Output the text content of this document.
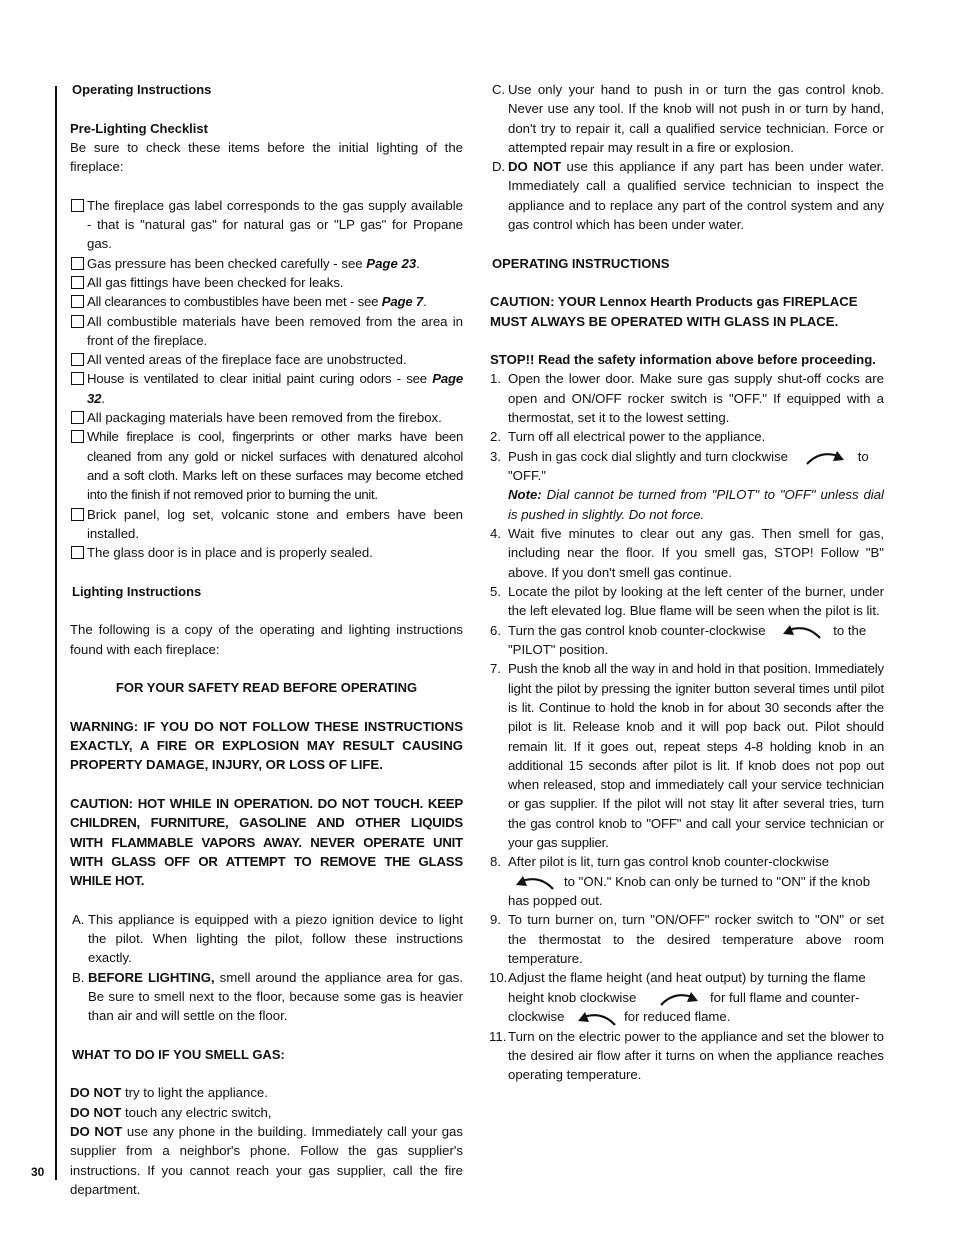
30

Operating Instructions

Pre-Lighting Checklist

Be sure to check these items before the initial lighting of the fireplace:

The fireplace gas label corresponds to the gas supply available - that is "natural gas" for natural gas or "LP gas" for Propane gas.
Gas pressure has been checked carefully - see Page 23.
All gas fittings have been checked for leaks.
All clearances to combustibles have been met - see Page 7.
All combustible materials have been removed from the area in front of the fireplace.
All vented areas of the fireplace face are unobstructed.
House is ventilated to clear initial paint curing odors - see Page 32.
All packaging materials have been removed from the firebox.
While fireplace is cool, fingerprints or other marks have been cleaned from any gold or nickel surfaces with denatured alcohol and a soft cloth. Marks left on these surfaces may become etched into the finish if not removed prior to burning the unit.
Brick panel, log set, volcanic stone and embers have been installed.
The glass door is in place and is properly sealed.

Lighting Instructions

The following is a copy of the operating and lighting instructions found with each fireplace:

FOR YOUR SAFETY READ BEFORE OPERATING

WARNING: IF YOU DO NOT FOLLOW THESE INSTRUCTIONS EXACTLY, A FIRE OR EXPLOSION MAY RESULT CAUSING PROPERTY DAMAGE, INJURY, OR LOSS OF LIFE.

CAUTION: HOT WHILE IN OPERATION. DO NOT TOUCH. KEEP CHILDREN, FURNITURE, GASOLINE AND OTHER LIQUIDS WITH FLAMMABLE VAPORS AWAY. NEVER OPERATE UNIT WITH GLASS OFF OR ATTEMPT TO REMOVE THE GLASS WHILE HOT.

A. This appliance is equipped with a piezo ignition device to light the pilot. When lighting the pilot, follow these instructions exactly.
B. BEFORE LIGHTING, smell around the appliance area for gas. Be sure to smell next to the floor, because some gas is heavier than air and will settle on the floor.

WHAT TO DO IF YOU SMELL GAS:

DO NOT try to light the appliance.

DO NOT touch any electric switch,

DO NOT use any phone in the building. Immediately call your gas supplier from a neighbor's phone. Follow the gas supplier's instructions. If you cannot reach your gas supplier, call the fire department.

C. Use only your hand to push in or turn the gas control knob. Never use any tool. If the knob will not push in or turn by hand, don't try to repair it, call a qualified service technician. Force or attempted repair may result in a fire or explosion.
D. DO NOT use this appliance if any part has been under water. Immediately call a qualified service technician to inspect the appliance and to replace any part of the control system and any gas control which has been under water.

OPERATING INSTRUCTIONS

CAUTION: YOUR Lennox Hearth Products gas FIREPLACE MUST ALWAYS BE OPERATED WITH GLASS IN PLACE.

STOP!! Read the safety information above before proceeding.

1. Open the lower door. Make sure gas supply shut-off cocks are open and ON/OFF rocker switch is "OFF." If equipped with a thermostat, set it to the lowest setting.
2. Turn off all electrical power to the appliance.
3. Push in gas cock dial slightly and turn clockwise	to "OFF."
Note: Dial cannot be turned from "PILOT" to "OFF" unless dial is pushed in slightly. Do not force.
4. Wait five minutes to clear out any gas. Then smell for gas, including near the floor. If you smell gas, STOP! Follow "B" above. If you don't smell gas continue.
5. Locate the pilot by looking at the left center of the burner, under the left elevated log. Blue flame will be seen when the pilot is lit.
6. Turn the gas control knob counter-clockwise	to the "PILOT" position.
7. Push the knob all the way in and hold in that position. Immediately light the pilot by pressing the igniter button several times until pilot is lit. Continue to hold the knob in for about 30 seconds after the pilot is lit. Release knob and it will pop back out. Pilot should remain lit. If it goes out, repeat steps 4-8 holding knob in an additional 15 seconds after pilot is lit. If knob does not pop out when released, stop and immediately call your service technician or gas supplier. If the pilot will not stay lit after several tries, turn the gas control knob to "OFF" and call your service technician or your gas supplier.
8. After pilot is lit, turn gas control knob counter-clockwise
to "ON." Knob can only be turned to "ON" if the knob has popped out.
9. To turn burner on, turn "ON/OFF" rocker switch to "ON" or set the thermostat to the desired temperature above room temperature.
10. Adjust the flame height (and heat output) by turning the flame height knob clockwise	for full flame and counter-clockwise	for reduced flame.
11. Turn on the electric power to the appliance and set the blower to the desired air flow after it turns on when the appliance reaches operating temperature.
